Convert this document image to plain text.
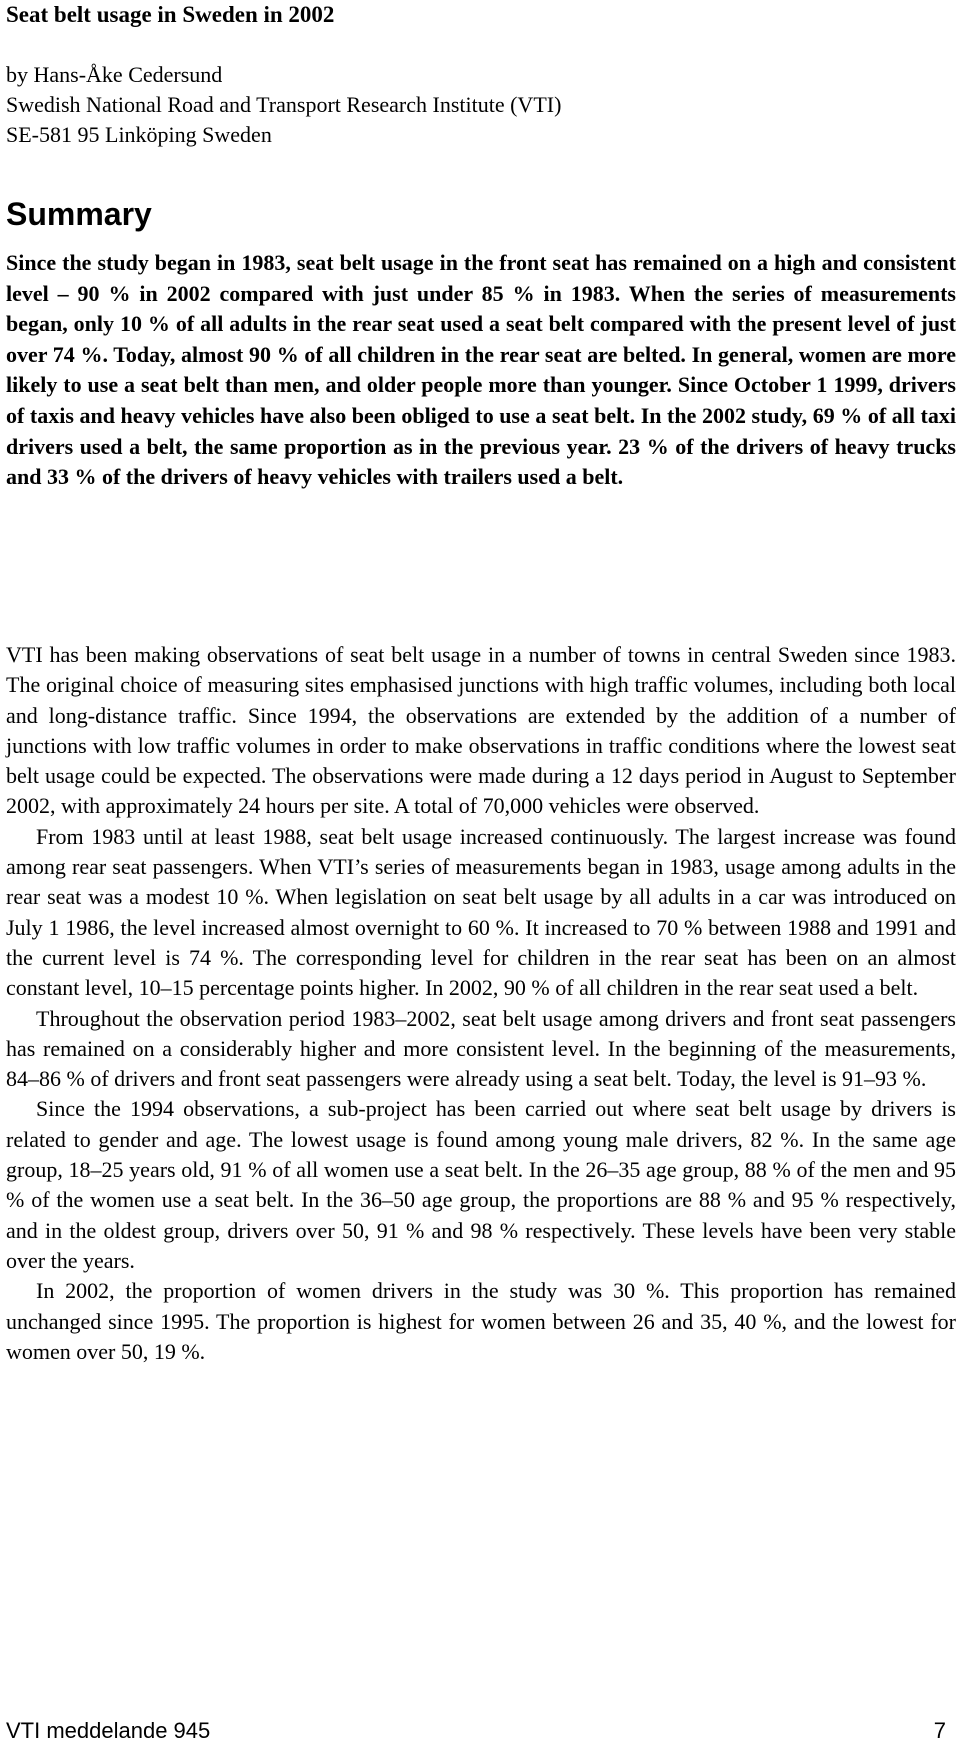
Seat belt usage in Sweden in 2002
by Hans-Åke Cedersund
Swedish National Road and Transport Research Institute (VTI)
SE-581 95 Linköping Sweden
Summary

Since the study began in 1983, seat belt usage in the front seat has remained on a high and consistent level – 90 % in 2002 compared with just under 85 % in 1983. When the series of measurements began, only 10 % of all adults in the rear seat used a seat belt compared with the present level of just over 74 %. Today, almost 90 % of all children in the rear seat are belted. In general, women are more likely to use a seat belt than men, and older people more than younger. Since October 1 1999, drivers of taxis and heavy vehicles have also been obliged to use a seat belt. In the 2002 study, 69 % of all taxi drivers used a belt, the same proportion as in the previous year. 23 % of the drivers of heavy trucks and 33 % of the drivers of heavy vehicles with trailers used a belt.

VTI has been making observations of seat belt usage in a number of towns in central Sweden since 1983. The original choice of measuring sites emphasised junctions with high traffic volumes, including both local and long-distance traffic. Since 1994, the observations are extended by the addition of a number of junctions with low traffic volumes in order to make observations in traffic conditions where the lowest seat belt usage could be expected. The observations were made during a 12 days period in August to September 2002, with approximately 24 hours per site. A total of 70,000 vehicles were observed.

From 1983 until at least 1988, seat belt usage increased continuously. The largest increase was found among rear seat passengers. When VTI’s series of measurements began in 1983, usage among adults in the rear seat was a modest 10 %. When legislation on seat belt usage by all adults in a car was introduced on July 1 1986, the level increased almost overnight to 60 %. It increased to 70 % between 1988 and 1991 and the current level is 74 %. The corresponding level for children in the rear seat has been on an almost constant level, 10–15 percentage points higher. In 2002, 90 % of all children in the rear seat used a belt.

Throughout the observation period 1983–2002, seat belt usage among drivers and front seat passengers has remained on a considerably higher and more consistent level. In the beginning of the measurements, 84–86 % of drivers and front seat passengers were already using a seat belt. Today, the level is 91–93 %.

Since the 1994 observations, a sub-project has been carried out where seat belt usage by drivers is related to gender and age. The lowest usage is found among young male drivers, 82 %. In the same age group, 18–25 years old, 91 % of all women use a seat belt. In the 26–35 age group, 88 % of the men and 95 % of the women use a seat belt. In the 36–50 age group, the proportions are 88 % and 95 % respectively, and in the oldest group, drivers over 50, 91 % and 98 % respectively. These levels have been very stable over the years.

In 2002, the proportion of women drivers in the study was 30 %. This proportion has remained unchanged since 1995. The proportion is highest for women between 26 and 35, 40 %, and the lowest for women over 50, 19 %.

VTI meddelande 945	7
